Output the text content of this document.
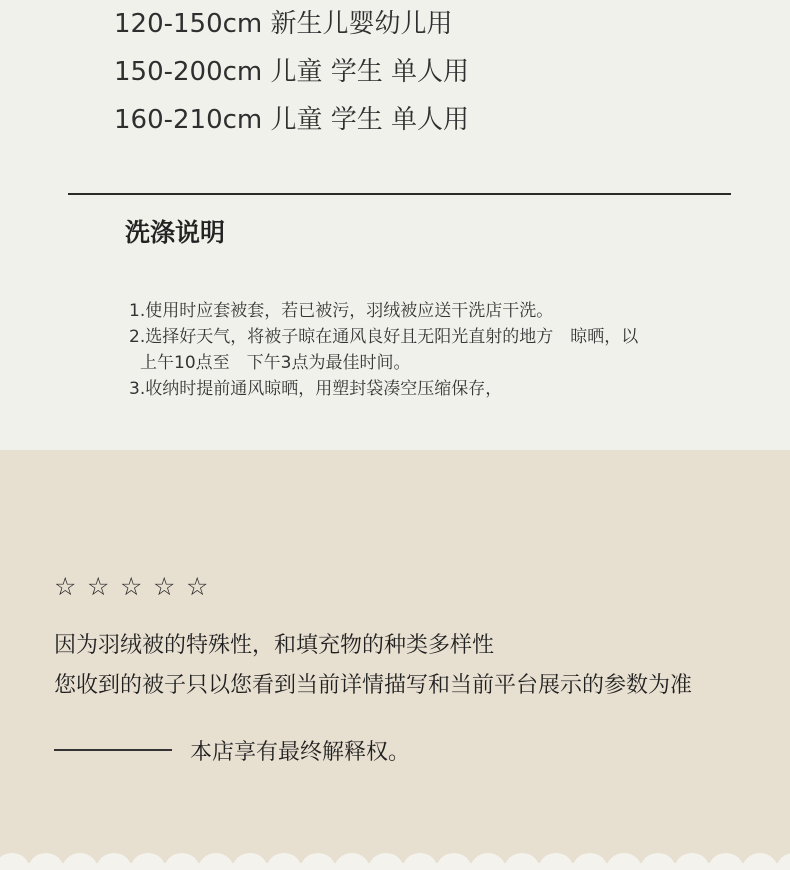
120-150cm 新生儿婴幼儿用
150-200cm 儿童 学生 单人用
160-210cm 儿童 学生 单人用
洗涤说明
1.使用时应套被套，若已被污，羽绒被应送干洗店干洗。
2.选择好天气，将被子晾在通风良好且无阳光直射的地方　晾晒，以
上午10点至　下午3点为最佳时间。
3.收纳时提前通风晾晒，用塑封袋凑空压缩保存，
☆ ☆ ☆ ☆ ☆
因为羽绒被的特殊性，和填充物的种类多样性
您收到的被子只以您看到当前详情描写和当前平台展示的参数为准
本店享有最终解释权。
